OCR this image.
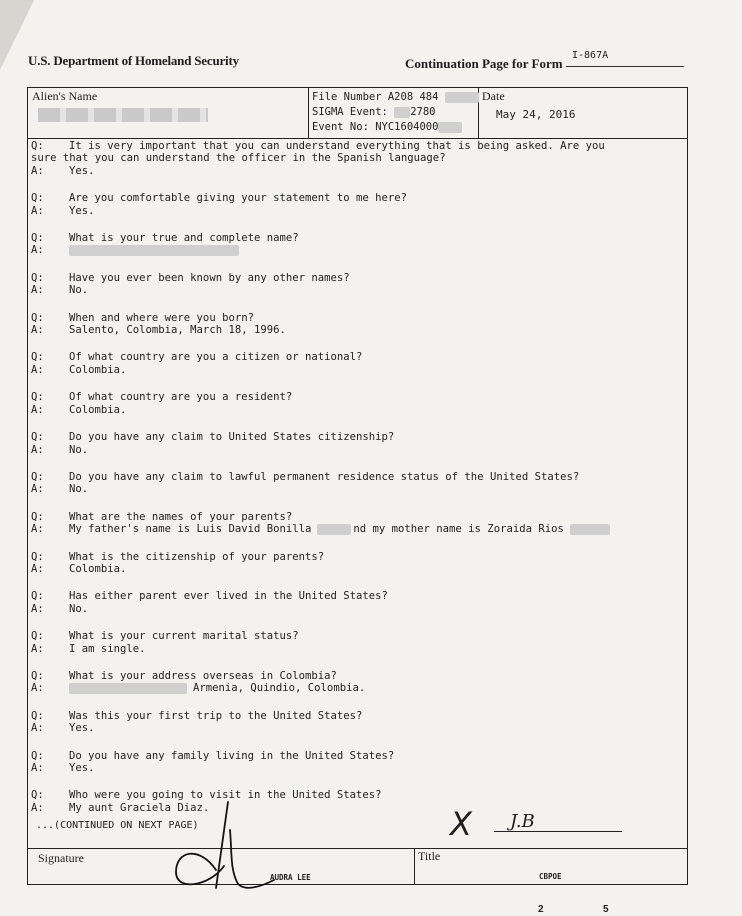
U.S. Department of Homeland Security	Continuation Page for Form
I-867A
Alien's Name	File Number A208 484
SIGMA Event: 2780
Event No: NYC1604000
Date
May 24, 2016
Q: It is very important that you can understand everything that is being asked. Are you
sure that you can understand the officer in the Spanish language?
A: Yes.
Q: Are you comfortable giving your statement to me here?
A: Yes.
Q: What is your true and complete name?
A:
Q: Have you ever been known by any other names?
A: No.
Q: When and where were you born?
A: Salento, Colombia, March 18, 1996.
Q: Of what country are you a citizen or national?
A: Colombia.
Q: Of what country are you a resident?
A: Colombia.
Q: Do you have any claim to United States citizenship?
A: No.
Q: Do you have any claim to lawful permanent residence status of the United States?
A: No.
Q: What are the names of your parents?
A: My father's name is Luis David Bonilla	nd my mother name is Zoraida Rios
Q: What is the citizenship of your parents?
A: Colombia.
Q: Has either parent ever lived in the United States?
A: No.
Q: What is your current marital status?
A: I am single.
Q: What is your address overseas in Colombia?
A:	Armenia, Quindio, Colombia.
Q: Was this your first trip to the United States?
A: Yes.
Q: Do you have any family living in the United States?
A: Yes.
Q: Who were you going to visit in the United States?
A: My aunt Graciela Diaz.
...(CONTINUED ON NEXT PAGE)
Signature
AUDRA LEE
Title
CBPOE
X J.B
2	5
